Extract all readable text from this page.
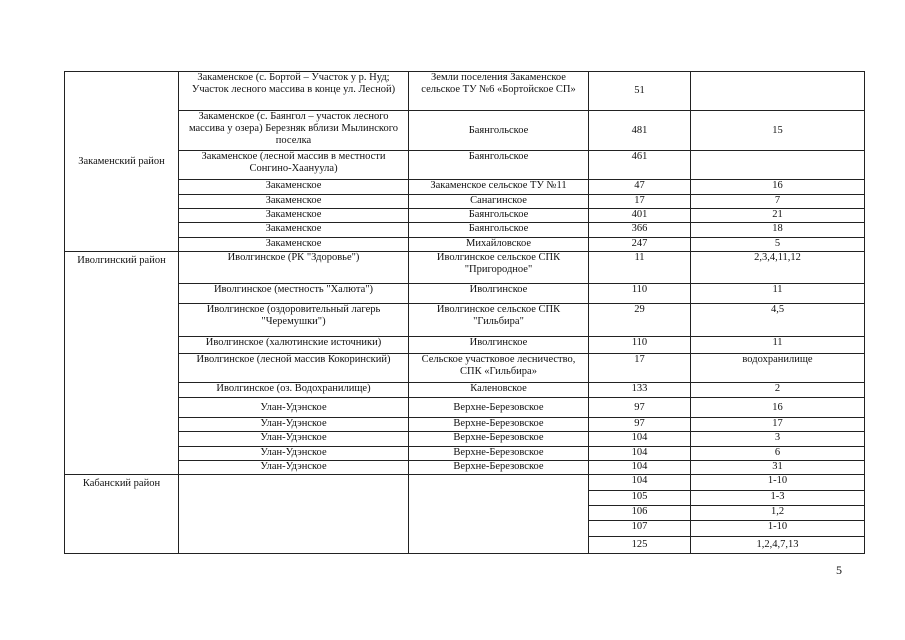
Закаменский район	Закаменское (с. Бортой – Участок у р. Нуд; Участок лесного массива в конце ул. Лесной)	Земли поселения Закаменское сельское ТУ №6 «Бортойское СП»	51	
	Закаменское (с. Баянгол – участок лесного массива у озера) Березняк вблизи Мылинского поселка	Баянгольское	481	15
	Закаменское (лесной массив в местности Сонгино-Хаануула)	Баянгольское	461	
	Закаменское	Закаменское сельское ТУ №11	47	16
	Закаменское	Санагинское	17	7
	Закаменское	Баянгольское	401	21
	Закаменское	Баянгольское	366	18
	Закаменское	Михайловское	247	5
Иволгинский район	Иволгинское (РК "Здоровье")	Иволгинское сельское СПК "Пригородное"	11	2,3,4,11,12
	Иволгинское (местность "Халюта")	Иволгинское	110	11
	Иволгинское (оздоровительный лагерь "Черемушки")	Иволгинское сельское СПК "Гильбира"	29	4,5
	Иволгинское (халютинские источники)	Иволгинское	110	11
	Иволгинское (лесной массив Кокоринский)	Сельское участковое лесничество, СПК «Гильбира»	17	водохранилище
	Иволгинское (оз. Водохранилище)	Каленовское	133	2
	Улан-Удэнское	Верхне-Березовское	97	16
	Улан-Удэнское	Верхне-Березовское	97	17
	Улан-Удэнское	Верхне-Березовское	104	3
	Улан-Удэнское	Верхне-Березовское	104	6
	Улан-Удэнское	Верхне-Березовское	104	31
Кабанский район			104	1-10
			105	1-3
			106	1,2
			107	1-10
			125	1,2,4,7,13
5
